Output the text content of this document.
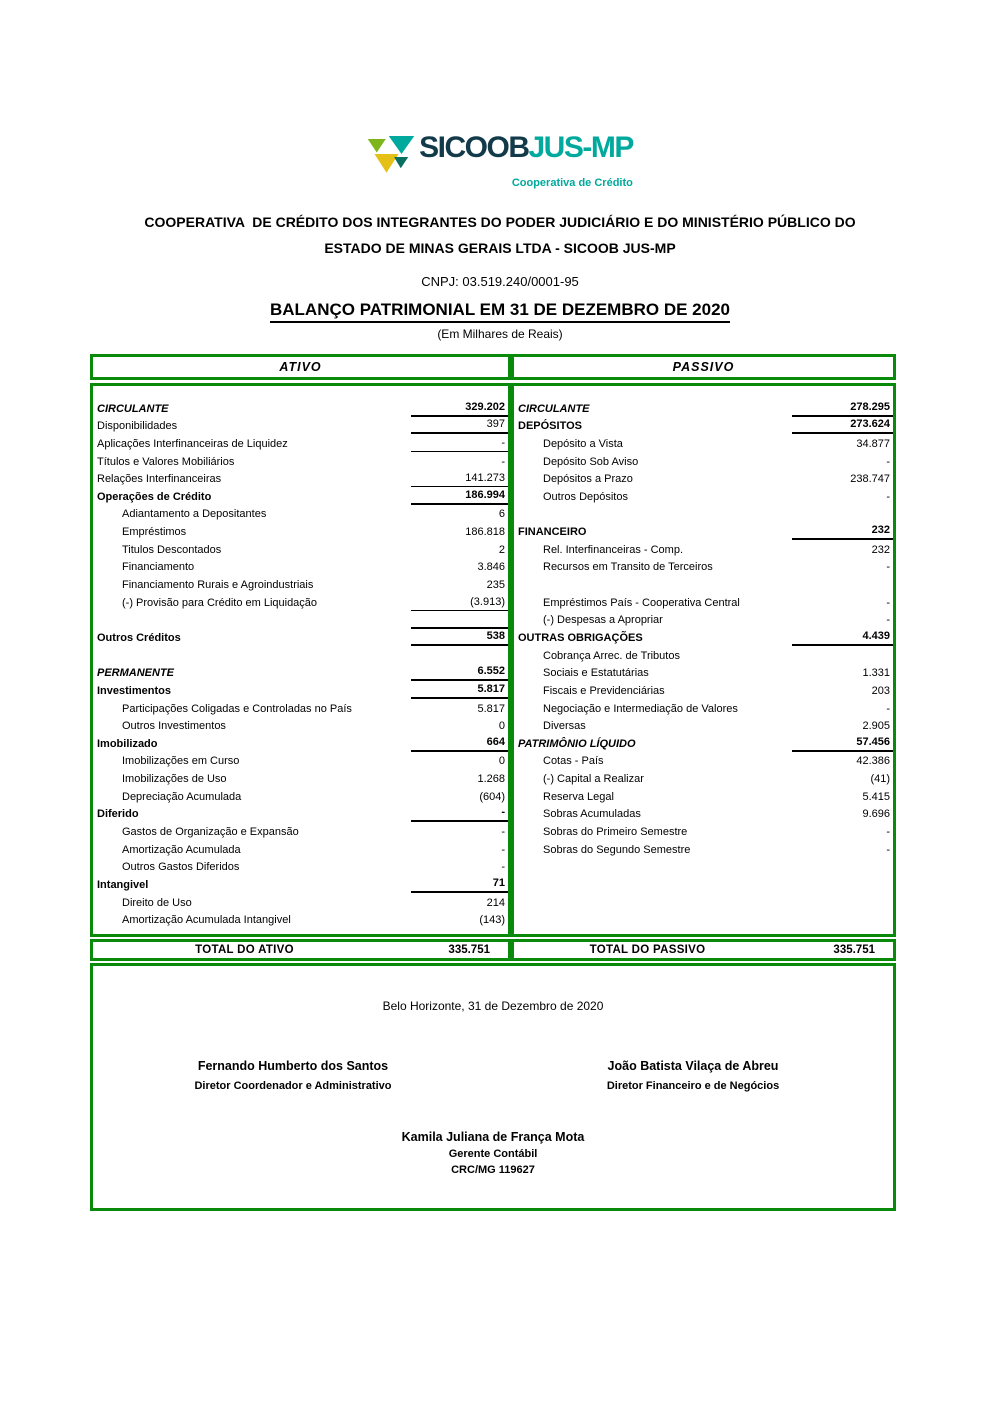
SICOOBJUS-MP
Cooperativa de Crédito
COOPERATIVA  DE CRÉDITO DOS INTEGRANTES DO PODER JUDICIÁRIO E DO MINISTÉRIO PÚBLICO DO
ESTADO DE MINAS GERAIS LTDA - SICOOB JUS-MP
CNPJ: 03.519.240/0001-95
BALANÇO PATRIMONIAL EM 31 DE DEZEMBRO DE 2020
(Em Milhares de Reais)
ATIVO	PASSIVO
CIRCULANTE	329.202
Disponibilidades	397
Aplicações Interfinanceiras de Liquidez	-
Títulos e Valores Mobiliários	-
Relações Interfinanceiras	141.273
Operações de Crédito	186.994
Adiantamento a Depositantes	6
Empréstimos	186.818
Titulos Descontados	2
Financiamento	3.846
Financiamento Rurais e Agroindustriais	235
(-) Provisão para Crédito em Liquidação	(3.913)
Outros Créditos	538
PERMANENTE	6.552
Investimentos	5.817
Participações Coligadas e Controladas no País	5.817
Outros Investimentos	0
Imobilizado	664
Imobilizações em Curso	0
Imobilizações de Uso	1.268
Depreciação Acumulada	(604)
Diferido	-
Gastos de Organização e Expansão	-
Amortização Acumulada	-
Outros Gastos Diferidos	-
Intangivel	71
Direito de Uso	214
Amortização Acumulada Intangivel	(143)
CIRCULANTE	278.295
DEPÓSITOS	273.624
Depósito a Vista	34.877
Depósito Sob Aviso	-
Depósitos a Prazo	238.747
Outros Depósitos	-
FINANCEIRO	232
Rel. Interfinanceiras - Comp.	232
Recursos em Transito de Terceiros	-
Empréstimos País - Cooperativa Central	-
(-) Despesas a Apropriar	-
OUTRAS OBRIGAÇÕES	4.439
Cobrança Arrec. de Tributos
Sociais e Estatutárias	1.331
Fiscais e Previdenciárias	203
Negociação e Intermediação de Valores	-
Diversas	2.905
PATRIMÔNIO LÍQUIDO	57.456
Cotas - País	42.386
(-) Capital a Realizar	(41)
Reserva Legal	5.415
Sobras Acumuladas	9.696
Sobras do Primeiro Semestre	-
Sobras do Segundo Semestre	-
TOTAL DO ATIVO	335.751	TOTAL DO PASSIVO	335.751
Belo Horizonte, 31 de Dezembro de 2020
Fernando Humberto dos Santos
Diretor Coordenador e Administrativo
João Batista Vilaça de Abreu
Diretor Financeiro e de Negócios
Kamila Juliana de França Mota
Gerente Contábil
CRC/MG 119627
